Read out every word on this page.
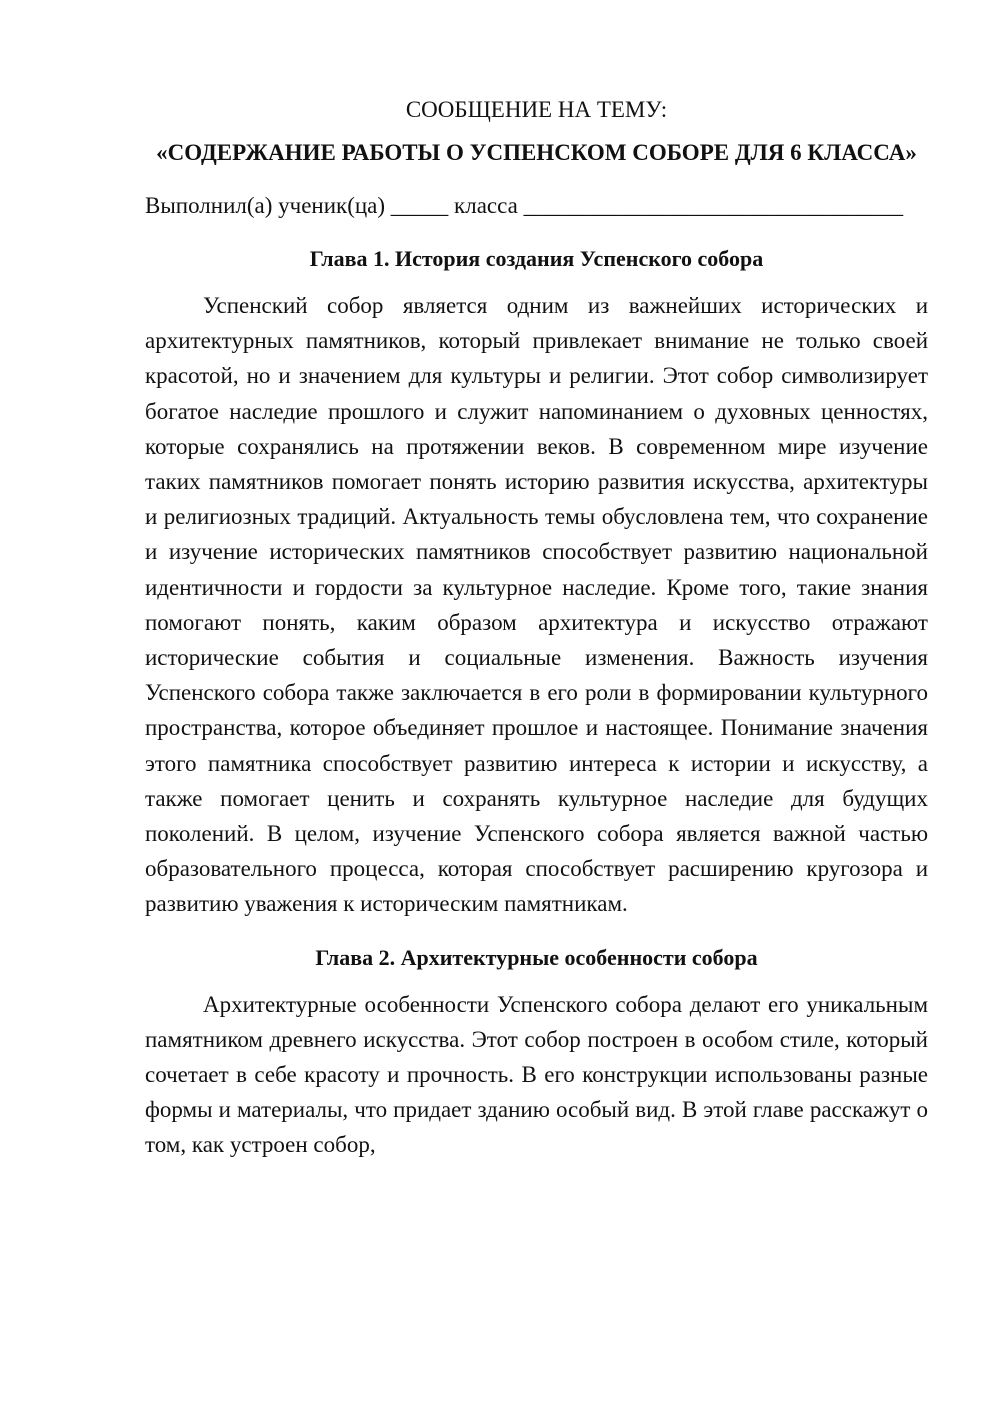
СООБЩЕНИЕ НА ТЕМУ:
«СОДЕРЖАНИЕ РАБОТЫ О УСПЕНСКОМ СОБОРЕ ДЛЯ 6 КЛАССА»
Выполнил(а) ученик(ца) _____ класса _________________________________
Глава 1. История создания Успенского собора

Успенский собор является одним из важнейших исторических и архитектурных памятников, который привлекает внимание не только своей красотой, но и значением для культуры и религии. Этот собор символизирует богатое наследие прошлого и служит напоминанием о духовных ценностях, которые сохранялись на протяжении веков. В современном мире изучение таких памятников помогает понять историю развития искусства, архитектуры и религиозных традиций. Актуальность темы обусловлена тем, что сохранение и изучение исторических памятников способствует развитию национальной идентичности и гордости за культурное наследие. Кроме того, такие знания помогают понять, каким образом архитектура и искусство отражают исторические события и социальные изменения. Важность изучения Успенского собора также заключается в его роли в формировании культурного пространства, которое объединяет прошлое и настоящее. Понимание значения этого памятника способствует развитию интереса к истории и искусству, а также помогает ценить и сохранять культурное наследие для будущих поколений. В целом, изучение Успенского собора является важной частью образовательного процесса, которая способствует расширению кругозора и развитию уважения к историческим памятникам.

Глава 2. Архитектурные особенности собора

Архитектурные особенности Успенского собора делают его уникальным памятником древнего искусства. Этот собор построен в особом стиле, который сочетает в себе красоту и прочность. В его конструкции использованы разные формы и материалы, что придает зданию особый вид. В этой главе расскажут о том, как устроен собор,
